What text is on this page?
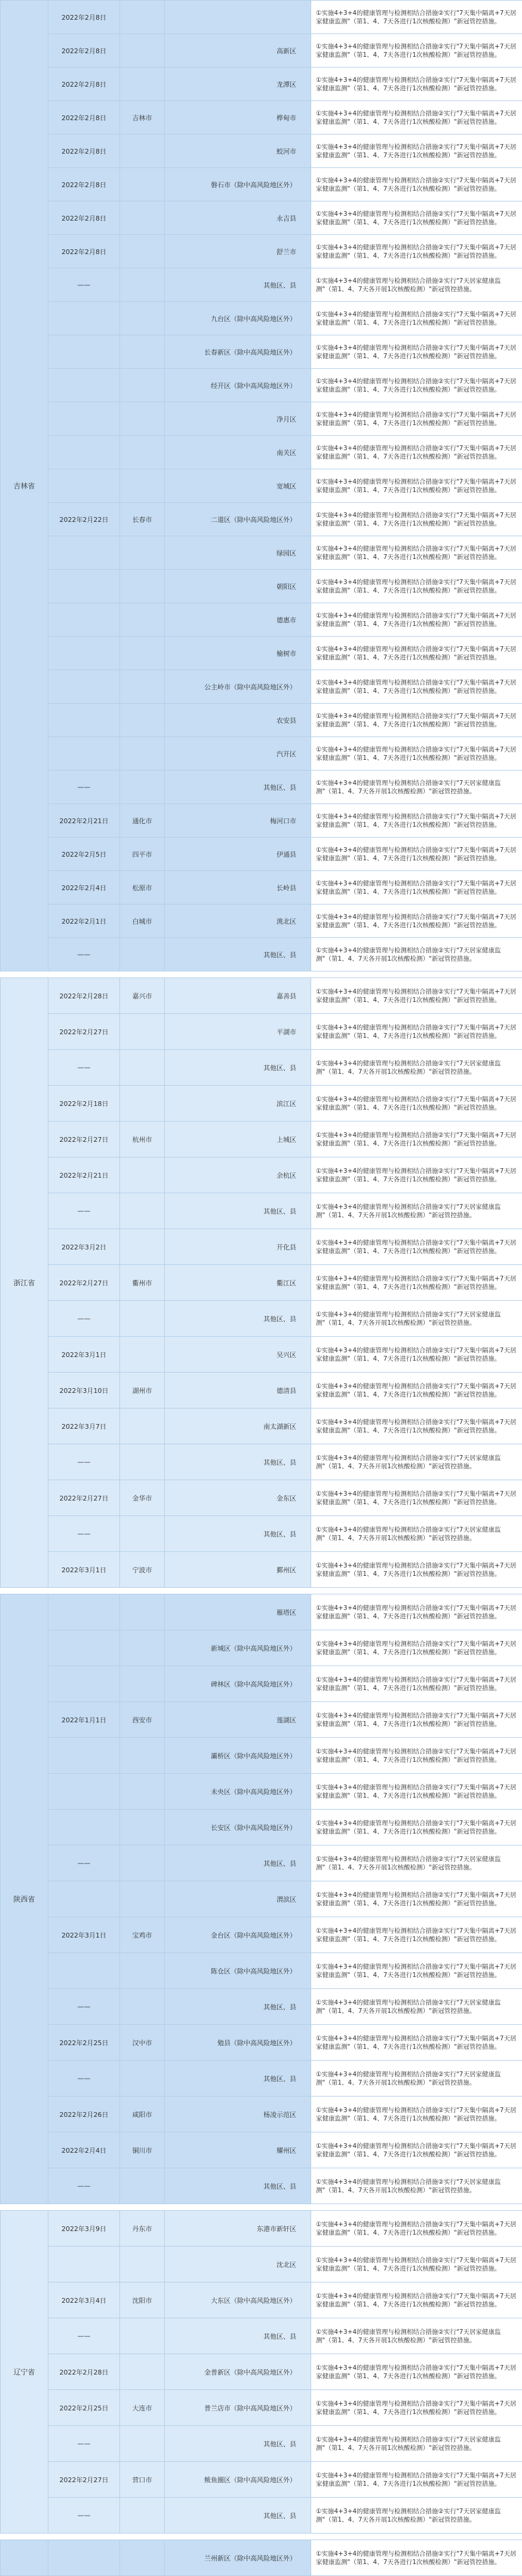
吉林省	2022年2月8日			①实施4+3+4的健康管理与检测相结合措施②实行"7天集中隔离+7天居家健康监测"（第1、4、7天各进行1次核酸检测）"新冠管控措施。
	2022年2月8日		高新区	①实施4+3+4的健康管理与检测相结合措施②实行"7天集中隔离+7天居家健康监测"（第1、4、7天各进行1次核酸检测）"新冠管控措施。
	2022年2月8日		龙潭区	①实施4+3+4的健康管理与检测相结合措施②实行"7天集中隔离+7天居家健康监测"（第1、4、7天各进行1次核酸检测）"新冠管控措施。
	2022年2月8日	吉林市	桦甸市	①实施4+3+4的健康管理与检测相结合措施②实行"7天集中隔离+7天居家健康监测"（第1、4、7天各进行1次核酸检测）"新冠管控措施。
	2022年2月8日		蛟河市	①实施4+3+4的健康管理与检测相结合措施②实行"7天集中隔离+7天居家健康监测"（第1、4、7天各进行1次核酸检测）"新冠管控措施。
	2022年2月8日		磐石市（除中高风险地区外）	①实施4+3+4的健康管理与检测相结合措施②实行"7天集中隔离+7天居家健康监测"（第1、4、7天各进行1次核酸检测）"新冠管控措施。
	2022年2月8日		永吉县	①实施4+3+4的健康管理与检测相结合措施②实行"7天集中隔离+7天居家健康监测"（第1、4、7天各进行1次核酸检测）"新冠管控措施。
	2022年2月8日		舒兰市	①实施4+3+4的健康管理与检测相结合措施②实行"7天集中隔离+7天居家健康监测"（第1、4、7天各进行1次核酸检测）"新冠管控措施。
	——		其他区、县	①实施4+3+4的健康管理与检测相结合措施②实行"7天居家健康监测"（第1、4、7天各开展1次核酸检测）"新冠管控措施。
			九台区（除中高风险地区外）	①实施4+3+4的健康管理与检测相结合措施②实行"7天集中隔离+7天居家健康监测"（第1、4、7天各进行1次核酸检测）"新冠管控措施。
			长春新区（除中高风险地区外）	①实施4+3+4的健康管理与检测相结合措施②实行"7天集中隔离+7天居家健康监测"（第1、4、7天各进行1次核酸检测）"新冠管控措施。
			经开区（除中高风险地区外）	①实施4+3+4的健康管理与检测相结合措施②实行"7天集中隔离+7天居家健康监测"（第1、4、7天各进行1次核酸检测）"新冠管控措施。
			净月区	①实施4+3+4的健康管理与检测相结合措施②实行"7天集中隔离+7天居家健康监测"（第1、4、7天各进行1次核酸检测）"新冠管控措施。
			南关区	①实施4+3+4的健康管理与检测相结合措施②实行"7天集中隔离+7天居家健康监测"（第1、4、7天各进行1次核酸检测）"新冠管控措施。
			宽城区	①实施4+3+4的健康管理与检测相结合措施②实行"7天集中隔离+7天居家健康监测"（第1、4、7天各进行1次核酸检测）"新冠管控措施。
	2022年2月22日	长春市	二道区（除中高风险地区外）	①实施4+3+4的健康管理与检测相结合措施②实行"7天集中隔离+7天居家健康监测"（第1、4、7天各进行1次核酸检测）"新冠管控措施。
			绿园区	①实施4+3+4的健康管理与检测相结合措施②实行"7天集中隔离+7天居家健康监测"（第1、4、7天各进行1次核酸检测）"新冠管控措施。
			朝阳区	①实施4+3+4的健康管理与检测相结合措施②实行"7天集中隔离+7天居家健康监测"（第1、4、7天各进行1次核酸检测）"新冠管控措施。
			德惠市	①实施4+3+4的健康管理与检测相结合措施②实行"7天集中隔离+7天居家健康监测"（第1、4、7天各进行1次核酸检测）"新冠管控措施。
			榆树市	①实施4+3+4的健康管理与检测相结合措施②实行"7天集中隔离+7天居家健康监测"（第1、4、7天各进行1次核酸检测）"新冠管控措施。
			公主岭市（除中高风险地区外）	①实施4+3+4的健康管理与检测相结合措施②实行"7天集中隔离+7天居家健康监测"（第1、4、7天各进行1次核酸检测）"新冠管控措施。
			农安县	①实施4+3+4的健康管理与检测相结合措施②实行"7天集中隔离+7天居家健康监测"（第1、4、7天各进行1次核酸检测）"新冠管控措施。
			汽开区	①实施4+3+4的健康管理与检测相结合措施②实行"7天集中隔离+7天居家健康监测"（第1、4、7天各进行1次核酸检测）"新冠管控措施。
	——		其他区、县	①实施4+3+4的健康管理与检测相结合措施②实行"7天居家健康监测"（第1、4、7天各开展1次核酸检测）"新冠管控措施。
	2022年2月21日	通化市	梅河口市	①实施4+3+4的健康管理与检测相结合措施②实行"7天集中隔离+7天居家健康监测"（第1、4、7天各进行1次核酸检测）"新冠管控措施。
	2022年2月5日	四平市	伊通县	①实施4+3+4的健康管理与检测相结合措施②实行"7天集中隔离+7天居家健康监测"（第1、4、7天各进行1次核酸检测）"新冠管控措施。
	2022年2月4日	松原市	长岭县	①实施4+3+4的健康管理与检测相结合措施②实行"7天集中隔离+7天居家健康监测"（第1、4、7天各进行1次核酸检测）"新冠管控措施。
	2022年2月1日	白城市	洮北区	①实施4+3+4的健康管理与检测相结合措施②实行"7天集中隔离+7天居家健康监测"（第1、4、7天各进行1次核酸检测）"新冠管控措施。
	——		其他区、县	①实施4+3+4的健康管理与检测相结合措施②实行"7天居家健康监测"（第1、4、7天各开展1次核酸检测）"新冠管控措施。

浙江省	2022年2月28日	嘉兴市	嘉善县	①实施4+3+4的健康管理与检测相结合措施②实行"7天集中隔离+7天居家健康监测"（第1、4、7天各进行1次核酸检测）"新冠管控措施。
	2022年2月27日		平湖市	①实施4+3+4的健康管理与检测相结合措施②实行"7天集中隔离+7天居家健康监测"（第1、4、7天各进行1次核酸检测）"新冠管控措施。
	——		其他区、县	①实施4+3+4的健康管理与检测相结合措施②实行"7天居家健康监测"（第1、4、7天各开展1次核酸检测）"新冠管控措施。
	2022年2月18日		滨江区	①实施4+3+4的健康管理与检测相结合措施②实行"7天集中隔离+7天居家健康监测"（第1、4、7天各进行1次核酸检测）"新冠管控措施。
	2022年2月27日	杭州市	上城区	①实施4+3+4的健康管理与检测相结合措施②实行"7天集中隔离+7天居家健康监测"（第1、4、7天各进行1次核酸检测）"新冠管控措施。
	2022年2月21日		余杭区	①实施4+3+4的健康管理与检测相结合措施②实行"7天集中隔离+7天居家健康监测"（第1、4、7天各进行1次核酸检测）"新冠管控措施。
	——		其他区、县	①实施4+3+4的健康管理与检测相结合措施②实行"7天居家健康监测"（第1、4、7天各开展1次核酸检测）"新冠管控措施。
	2022年3月2日		开化县	①实施4+3+4的健康管理与检测相结合措施②实行"7天集中隔离+7天居家健康监测"（第1、4、7天各进行1次核酸检测）"新冠管控措施。
	2022年2月27日	衢州市	衢江区	①实施4+3+4的健康管理与检测相结合措施②实行"7天集中隔离+7天居家健康监测"（第1、4、7天各进行1次核酸检测）"新冠管控措施。
	——		其他区、县	①实施4+3+4的健康管理与检测相结合措施②实行"7天居家健康监测"（第1、4、7天各开展1次核酸检测）"新冠管控措施。
	2022年3月1日		吴兴区	①实施4+3+4的健康管理与检测相结合措施②实行"7天集中隔离+7天居家健康监测"（第1、4、7天各进行1次核酸检测）"新冠管控措施。
	2022年3月10日	湖州市	德清县	①实施4+3+4的健康管理与检测相结合措施②实行"7天集中隔离+7天居家健康监测"（第1、4、7天各进行1次核酸检测）"新冠管控措施。
	2022年3月7日		南太湖新区	①实施4+3+4的健康管理与检测相结合措施②实行"7天集中隔离+7天居家健康监测"（第1、4、7天各进行1次核酸检测）"新冠管控措施。
	——		其他区、县	①实施4+3+4的健康管理与检测相结合措施②实行"7天居家健康监测"（第1、4、7天各开展1次核酸检测）"新冠管控措施。
	2022年2月27日	金华市	金东区	①实施4+3+4的健康管理与检测相结合措施②实行"7天集中隔离+7天居家健康监测"（第1、4、7天各进行1次核酸检测）"新冠管控措施。
	——		其他区、县	①实施4+3+4的健康管理与检测相结合措施②实行"7天居家健康监测"（第1、4、7天各开展1次核酸检测）"新冠管控措施。
	2022年3月1日	宁波市	鄞州区	①实施4+3+4的健康管理与检测相结合措施②实行"7天集中隔离+7天居家健康监测"（第1、4、7天各进行1次核酸检测）"新冠管控措施。

陕西省			雁塔区	①实施4+3+4的健康管理与检测相结合措施②实行"7天集中隔离+7天居家健康监测"（第1、4、7天各进行1次核酸检测）"新冠管控措施。
			新城区（除中高风险地区外）	①实施4+3+4的健康管理与检测相结合措施②实行"7天集中隔离+7天居家健康监测"（第1、4、7天各进行1次核酸检测）"新冠管控措施。
			碑林区（除中高风险地区外）	①实施4+3+4的健康管理与检测相结合措施②实行"7天集中隔离+7天居家健康监测"（第1、4、7天各进行1次核酸检测）"新冠管控措施。
	2022年1月1日	西安市	莲湖区	①实施4+3+4的健康管理与检测相结合措施②实行"7天集中隔离+7天居家健康监测"（第1、4、7天各进行1次核酸检测）"新冠管控措施。
			灞桥区（除中高风险地区外）	①实施4+3+4的健康管理与检测相结合措施②实行"7天集中隔离+7天居家健康监测"（第1、4、7天各进行1次核酸检测）"新冠管控措施。
			未央区（除中高风险地区外）	①实施4+3+4的健康管理与检测相结合措施②实行"7天集中隔离+7天居家健康监测"（第1、4、7天各进行1次核酸检测）"新冠管控措施。
			长安区（除中高风险地区外）	①实施4+3+4的健康管理与检测相结合措施②实行"7天集中隔离+7天居家健康监测"（第1、4、7天各进行1次核酸检测）"新冠管控措施。
	——		其他区、县	①实施4+3+4的健康管理与检测相结合措施②实行"7天居家健康监测"（第1、4、7天各开展1次核酸检测）"新冠管控措施。
			渭滨区	①实施4+3+4的健康管理与检测相结合措施②实行"7天集中隔离+7天居家健康监测"（第1、4、7天各进行1次核酸检测）"新冠管控措施。
	2022年3月1日	宝鸡市	金台区（除中高风险地区外）	①实施4+3+4的健康管理与检测相结合措施②实行"7天集中隔离+7天居家健康监测"（第1、4、7天各进行1次核酸检测）"新冠管控措施。
			陈仓区（除中高风险地区外）	①实施4+3+4的健康管理与检测相结合措施②实行"7天集中隔离+7天居家健康监测"（第1、4、7天各进行1次核酸检测）"新冠管控措施。
	——		其他区、县	①实施4+3+4的健康管理与检测相结合措施②实行"7天居家健康监测"（第1、4、7天各开展1次核酸检测）"新冠管控措施。
	2022年2月25日	汉中市	勉县（除中高风险地区外）	①实施4+3+4的健康管理与检测相结合措施②实行"7天集中隔离+7天居家健康监测"（第1、4、7天各进行1次核酸检测）"新冠管控措施。
	——		其他区、县	①实施4+3+4的健康管理与检测相结合措施②实行"7天居家健康监测"（第1、4、7天各开展1次核酸检测）"新冠管控措施。
	2022年2月26日	咸阳市	杨凌示范区	①实施4+3+4的健康管理与检测相结合措施②实行"7天集中隔离+7天居家健康监测"（第1、4、7天各进行1次核酸检测）"新冠管控措施。
	2022年2月4日	铜川市	耀州区	①实施4+3+4的健康管理与检测相结合措施②实行"7天集中隔离+7天居家健康监测"（第1、4、7天各进行1次核酸检测）"新冠管控措施。
	——		其他区、县	①实施4+3+4的健康管理与检测相结合措施②实行"7天居家健康监测"（第1、4、7天各开展1次核酸检测）"新冠管控措施。

辽宁省	2022年3月9日	丹东市	东港市新轩区	①实施4+3+4的健康管理与检测相结合措施②实行"7天集中隔离+7天居家健康监测"（第1、4、7天各进行1次核酸检测）"新冠管控措施。
			沈北区	①实施4+3+4的健康管理与检测相结合措施②实行"7天集中隔离+7天居家健康监测"（第1、4、7天各进行1次核酸检测）"新冠管控措施。
	2022年3月4日	沈阳市	大东区（除中高风险地区外）	①实施4+3+4的健康管理与检测相结合措施②实行"7天集中隔离+7天居家健康监测"（第1、4、7天各进行1次核酸检测）"新冠管控措施。
	——		其他区、县	①实施4+3+4的健康管理与检测相结合措施②实行"7天居家健康监测"（第1、4、7天各开展1次核酸检测）"新冠管控措施。
	2022年2月28日		金普新区（除中高风险地区外）	①实施4+3+4的健康管理与检测相结合措施②实行"7天集中隔离+7天居家健康监测"（第1、4、7天各进行1次核酸检测）"新冠管控措施。
	2022年2月25日	大连市	普兰店市（除中高风险地区外）	①实施4+3+4的健康管理与检测相结合措施②实行"7天集中隔离+7天居家健康监测"（第1、4、7天各进行1次核酸检测）"新冠管控措施。
	——		其他区、县	①实施4+3+4的健康管理与检测相结合措施②实行"7天居家健康监测"（第1、4、7天各开展1次核酸检测）"新冠管控措施。
	2022年2月27日	营口市	鲅鱼圈区（除中高风险地区外）	①实施4+3+4的健康管理与检测相结合措施②实行"7天集中隔离+7天居家健康监测"（第1、4、7天各进行1次核酸检测）"新冠管控措施。
	——		其他区、县	①实施4+3+4的健康管理与检测相结合措施②实行"7天居家健康监测"（第1、4、7天各开展1次核酸检测）"新冠管控措施。

			兰州新区（除中高风险地区外）	①实施4+3+4的健康管理与检测相结合措施②实行"7天集中隔离+7天居家健康监测"（第1、4、7天各进行1次核酸检测）"新冠管控措施。
